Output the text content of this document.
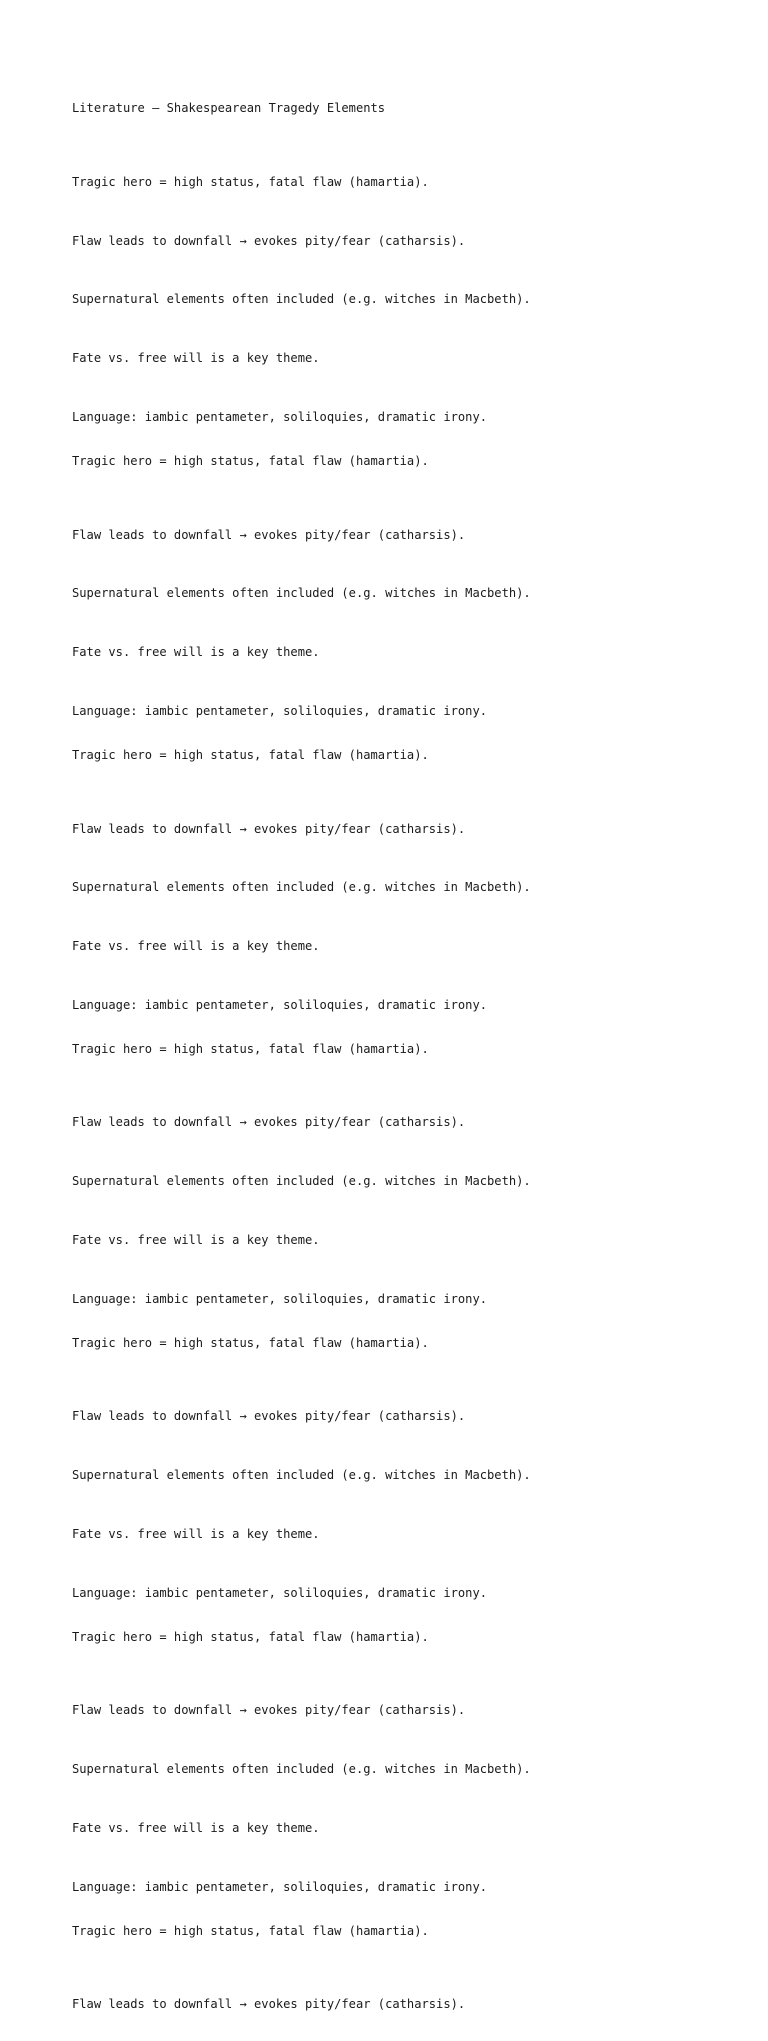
Literature – Shakespearean Tragedy Elements

Tragic hero = high status, fatal flaw (hamartia).

Flaw leads to downfall → evokes pity/fear (catharsis).

Supernatural elements often included (e.g. witches in Macbeth).

Fate vs. free will is a key theme.

Language: iambic pentameter, soliloquies, dramatic irony.

Tragic hero = high status, fatal flaw (hamartia).

Flaw leads to downfall → evokes pity/fear (catharsis).

Supernatural elements often included (e.g. witches in Macbeth).

Fate vs. free will is a key theme.

Language: iambic pentameter, soliloquies, dramatic irony.

Tragic hero = high status, fatal flaw (hamartia).

Flaw leads to downfall → evokes pity/fear (catharsis).

Supernatural elements often included (e.g. witches in Macbeth).

Fate vs. free will is a key theme.

Language: iambic pentameter, soliloquies, dramatic irony.

Tragic hero = high status, fatal flaw (hamartia).

Flaw leads to downfall → evokes pity/fear (catharsis).

Supernatural elements often included (e.g. witches in Macbeth).

Fate vs. free will is a key theme.

Language: iambic pentameter, soliloquies, dramatic irony.

Tragic hero = high status, fatal flaw (hamartia).

Flaw leads to downfall → evokes pity/fear (catharsis).

Supernatural elements often included (e.g. witches in Macbeth).

Fate vs. free will is a key theme.

Language: iambic pentameter, soliloquies, dramatic irony.

Tragic hero = high status, fatal flaw (hamartia).

Flaw leads to downfall → evokes pity/fear (catharsis).

Supernatural elements often included (e.g. witches in Macbeth).

Fate vs. free will is a key theme.

Language: iambic pentameter, soliloquies, dramatic irony.

Tragic hero = high status, fatal flaw (hamartia).

Flaw leads to downfall → evokes pity/fear (catharsis).
